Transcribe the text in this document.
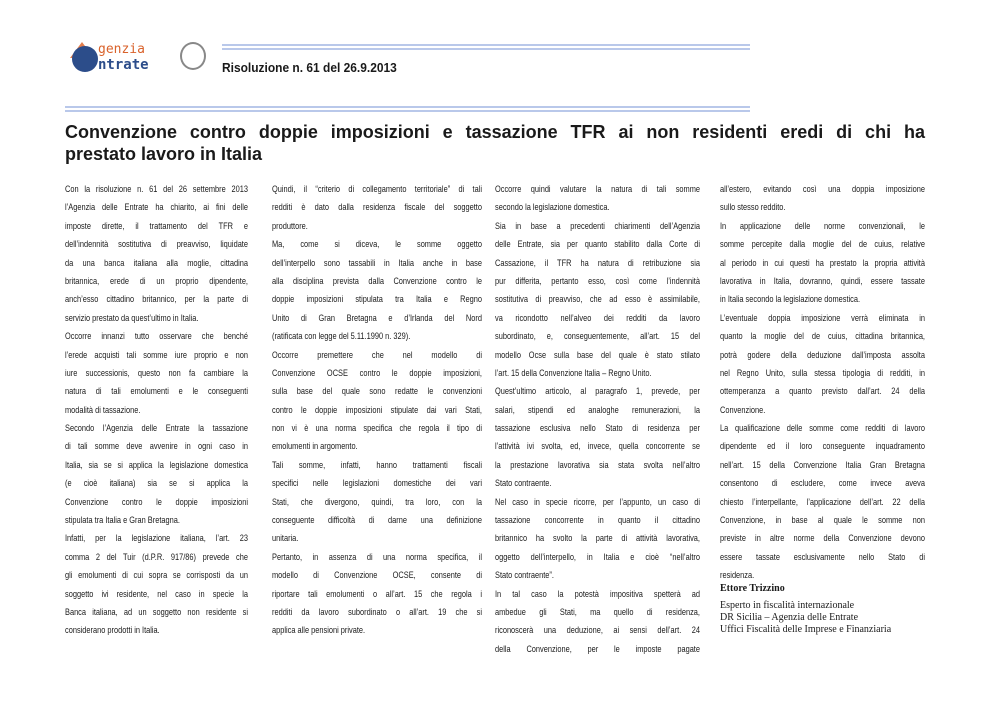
genzia
ntrate	Risoluzione n. 61 del 26.9.2013
Convenzione contro doppie imposizioni e tassazione TFR ai non residenti eredi di chi ha
prestato lavoro in Italia
Con la risoluzione n. 61 del 26 settembre 2013
l’Agenzia delle Entrate ha chiarito, ai fini delle
imposte dirette, il trattamento del TFR e
dell’indennità sostitutiva di preavviso, liquidate
da una banca italiana alla moglie, cittadina
britannica, erede di un proprio dipendente,
anch’esso cittadino britannico, per la parte di
servizio prestato da quest’ultimo in Italia.
Occorre innanzi tutto osservare che benché
l’erede acquisti tali somme iure proprio e non
iure successionis, questo non fa cambiare la
natura di tali emolumenti e le conseguenti
modalità di tassazione.
Secondo l’Agenzia delle Entrate la tassazione
di tali somme deve avvenire in ogni caso in
Italia, sia se si applica la legislazione domestica
(e cioè italiana) sia se si applica la
Convenzione contro le doppie imposizioni
stipulata tra Italia e Gran Bretagna.
Infatti, per la legislazione italiana, l’art. 23
comma 2 del Tuir (d.P.R. 917/86) prevede che
gli emolumenti di cui sopra se corrisposti da un
soggetto ivi residente, nel caso in specie la
Banca italiana, ad un soggetto non residente si
considerano prodotti in Italia.
Quindi, il “criterio di collegamento territoriale” di tali
redditi è dato dalla residenza fiscale del soggetto
produttore.
Ma, come si diceva, le somme oggetto
dell’interpello sono tassabili in Italia anche in base
alla disciplina prevista dalla Convenzione contro le
doppie imposizioni stipulata tra Italia e Regno
Unito di Gran Bretagna e d’Irlanda del Nord
(ratificata con legge del 5.11.1990 n. 329).
Occorre premettere che nel modello di
Convenzione OCSE contro le doppie imposizioni,
sulla base del quale sono redatte le convenzioni
contro le doppie imposizioni stipulate dai vari Stati,
non vi è una norma specifica che regola il tipo di
emolumenti in argomento.
Tali somme, infatti, hanno trattamenti fiscali
specifici nelle legislazioni domestiche dei vari
Stati, che divergono, quindi, tra loro, con la
conseguente difficoltà di darne una definizione
unitaria.
Pertanto, in assenza di una norma specifica, il
modello di Convenzione OCSE, consente di
riportare tali emolumenti o all’art. 15 che regola i
redditi da lavoro subordinato o all’art. 19 che si
applica alle pensioni private.
Occorre quindi valutare la natura di tali somme
secondo la legislazione domestica.
Sia in base a precedenti chiarimenti dell’Agenzia
delle Entrate, sia per quanto stabilito dalla Corte di
Cassazione, il TFR ha natura di retribuzione sia
pur differita, pertanto esso, così come l’indennità
sostitutiva di preavviso, che ad esso è assimilabile,
va ricondotto nell’alveo dei redditi da lavoro
subordinato, e, conseguentemente, all’art. 15 del
modello Ocse sulla base del quale è stato stilato
l’art. 15 della Convenzione Italia – Regno Unito.
Quest’ultimo articolo, al paragrafo 1, prevede, per
salari, stipendi ed analoghe remunerazioni, la
tassazione esclusiva nello Stato di residenza per
l’attività ivi svolta, ed, invece, quella concorrente se
la prestazione lavorativa sia stata svolta nell’altro
Stato contraente.
Nel caso in specie ricorre, per l’appunto, un caso di
tassazione concorrente in quanto il cittadino
britannico ha svolto la parte di attività lavorativa,
oggetto dell’interpello, in Italia e cioè “nell’altro
Stato contraente”.
In tal caso la potestà impositiva spetterà ad
ambedue gli Stati, ma quello di residenza,
riconoscerà una deduzione, ai sensi dell’art. 24
della Convenzione, per le imposte pagate
all’estero, evitando così una doppia imposizione
sullo stesso reddito.
In applicazione delle norme convenzionali, le
somme percepite dalla moglie del de cuius, relative
al periodo in cui questi ha prestato la propria attività
lavorativa in Italia, dovranno, quindi, essere tassate
in Italia secondo la legislazione domestica.
L’eventuale doppia imposizione verrà eliminata in
quanto la moglie del de cuius, cittadina britannica,
potrà godere della deduzione dall’imposta assolta
nel Regno Unito, sulla stessa tipologia di redditi, in
ottemperanza a quanto previsto dall’art. 24 della
Convenzione.
La qualificazione delle somme come redditi di lavoro
dipendente ed il loro conseguente inquadramento
nell’art. 15 della Convenzione Italia Gran Bretagna
consentono di escludere, come invece aveva
chiesto l’interpellante, l’applicazione dell’art. 22 della
Convenzione, in base al quale le somme non
previste in altre norme della Convenzione devono
essere tassate esclusivamente nello Stato di
residenza.
Ettore Trizzino
Esperto in fiscalità internazionale
DR Sicilia – Agenzia delle Entrate
Uffici Fiscalità delle Imprese e Finanziaria
